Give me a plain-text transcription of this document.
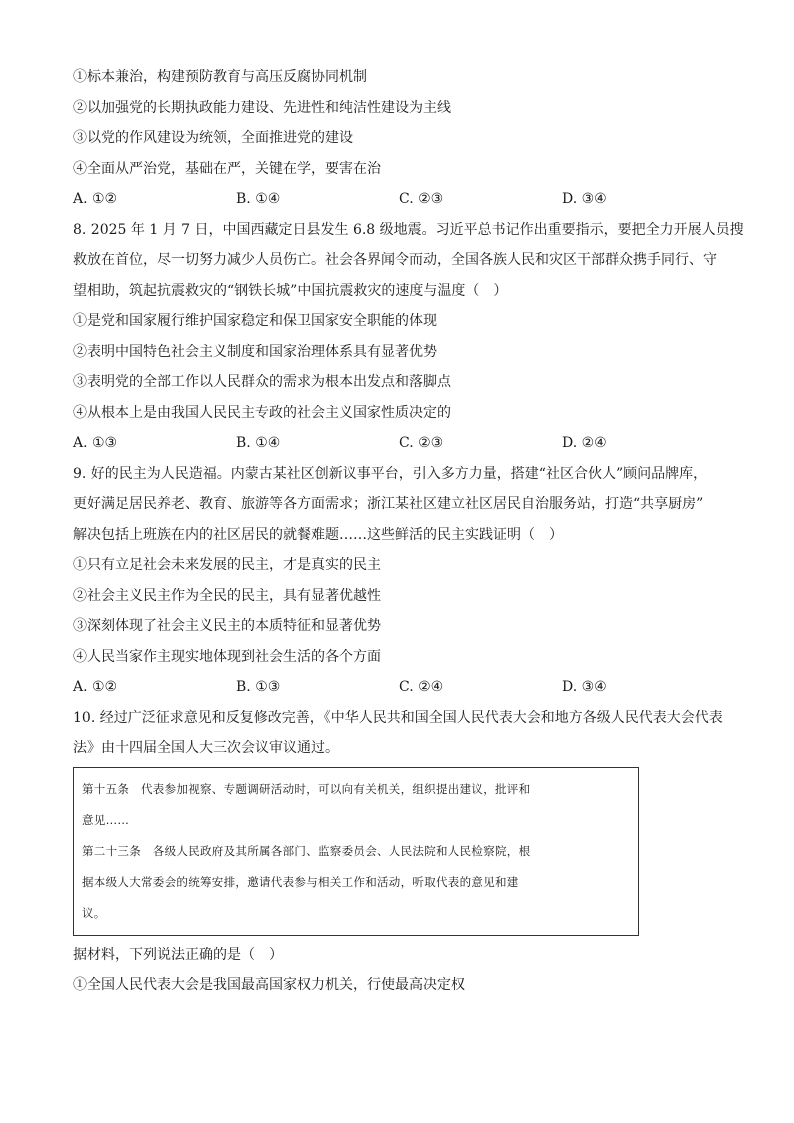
①标本兼治，构建预防教育与高压反腐协同机制
②以加强党的长期执政能力建设、先进性和纯洁性建设为主线
③以党的作风建设为统领，全面推进党的建设
④全面从严治党，基础在严，关键在学，要害在治
A. ①②	B. ①④	C. ②③	D. ③④
8. 2025 年 1 月 7 日，中国西藏定日县发生 6.8 级地震。习近平总书记作出重要指示，要把全力开展人员搜
救放在首位，尽一切努力减少人员伤亡。社会各界闻令而动，全国各族人民和灾区干部群众携手同行、守
望相助，筑起抗震救灾的“钢铁长城”中国抗震救灾的速度与温度（　）
①是党和国家履行维护国家稳定和保卫国家安全职能的体现
②表明中国特色社会主义制度和国家治理体系具有显著优势
③表明党的全部工作以人民群众的需求为根本出发点和落脚点
④从根本上是由我国人民民主专政的社会主义国家性质决定的
A. ①③	B. ①④	C. ②③	D. ②④
9. 好的民主为人民造福。内蒙古某社区创新议事平台，引入多方力量，搭建“社区合伙人”顾问品牌库，
更好满足居民养老、教育、旅游等各方面需求；浙江某社区建立社区居民自治服务站，打造“共享厨房”
解决包括上班族在内的社区居民的就餐难题……这些鲜活的民主实践证明（　）
①只有立足社会未来发展的民主，才是真实的民主
②社会主义民主作为全民的民主，具有显著优越性
③深刻体现了社会主义民主的本质特征和显著优势
④人民当家作主现实地体现到社会生活的各个方面
A. ①②	B. ①③	C. ②④	D. ③④
10. 经过广泛征求意见和反复修改完善，《中华人民共和国全国人民代表大会和地方各级人民代表大会代表
法》由十四届全国人大三次会议审议通过。

第十五条　代表参加视察、专题调研活动时，可以向有关机关，组织提出建议，批评和

意见……

第二十三条　各级人民政府及其所属各部门、监察委员会、人民法院和人民检察院，根

据本级人大常委会的统筹安排，邀请代表参与相关工作和活动，听取代表的意见和建

议。

据材料，下列说法正确的是（　）
①全国人民代表大会是我国最高国家权力机关，行使最高决定权
